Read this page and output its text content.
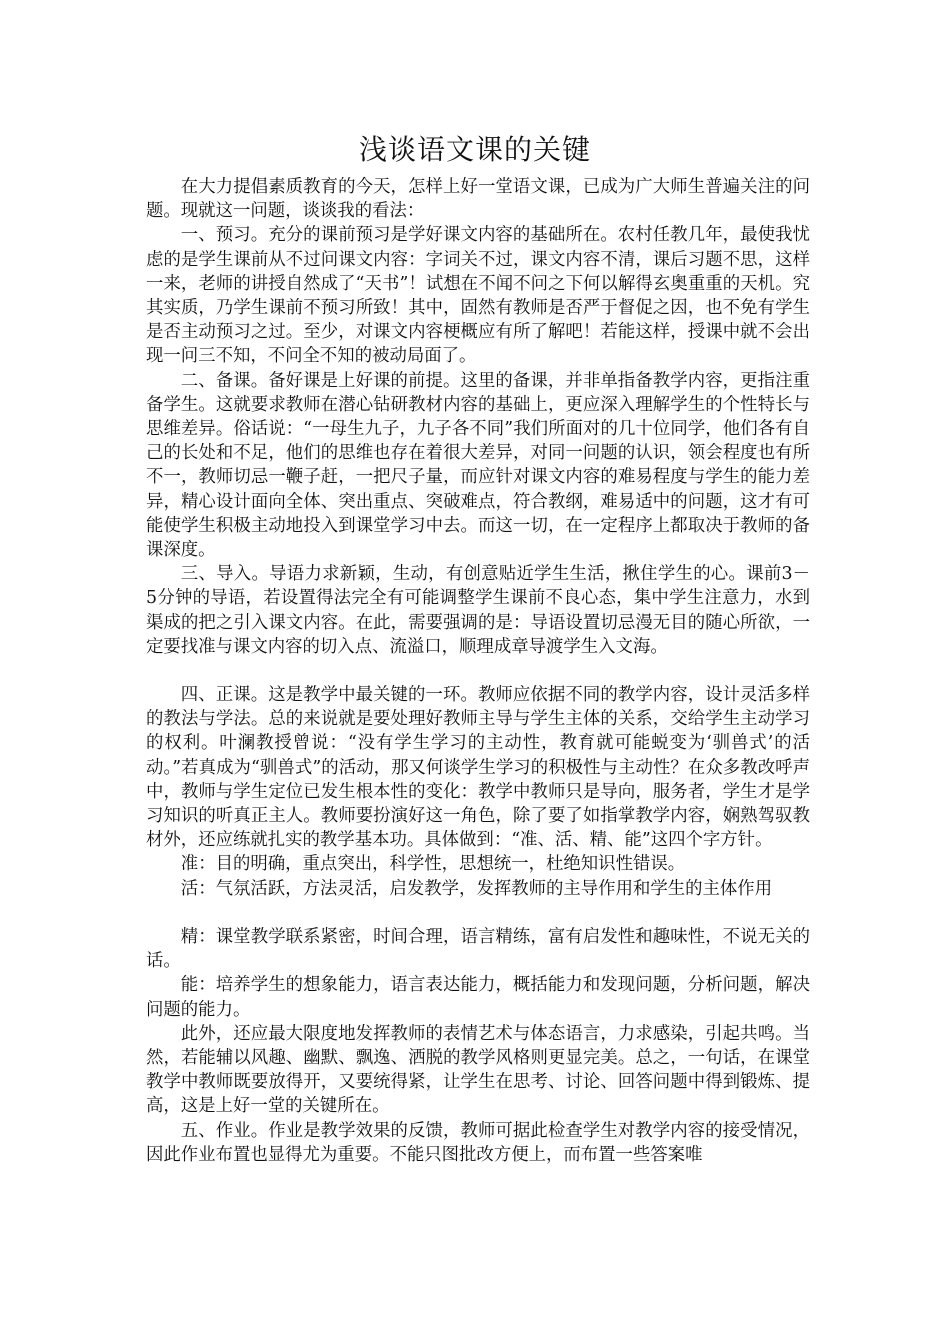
浅谈语文课的关键

在大力提倡素质教育的今天，怎样上好一堂语文课，已成为广大师生普遍关注的问题。现就这一问题，谈谈我的看法：

一、预习。充分的课前预习是学好课文内容的基础所在。农村任教几年，最使我忧虑的是学生课前从不过问课文内容：字词关不过，课文内容不清，课后习题不思，这样一来，老师的讲授自然成了“天书”！试想在不闻不问之下何以解得玄奥重重的天机。究其实质，乃学生课前不预习所致！其中，固然有教师是否严于督促之因，也不免有学生是否主动预习之过。至少，对课文内容梗概应有所了解吧！若能这样，授课中就不会出现一问三不知，不问全不知的被动局面了。

二、备课。备好课是上好课的前提。这里的备课，并非单指备教学内容，更指注重备学生。这就要求教师在潜心钻研教材内容的基础上，更应深入理解学生的个性特长与思维差异。俗话说：“一母生九子，九子各不同”我们所面对的几十位同学，他们各有自己的长处和不足，他们的思维也存在着很大差异，对同一问题的认识，领会程度也有所不一，教师切忌一鞭子赶，一把尺子量，而应针对课文内容的难易程度与学生的能力差异，精心设计面向全体、突出重点、突破难点，符合教纲，难易适中的问题，这才有可能使学生积极主动地投入到课堂学习中去。而这一切，在一定程序上都取决于教师的备课深度。

三、导入。导语力求新颖，生动，有创意贴近学生生活，揪住学生的心。课前3－5分钟的导语，若设置得法完全有可能调整学生课前不良心态，集中学生注意力，水到渠成的把之引入课文内容。在此，需要强调的是：导语设置切忌漫无目的随心所欲，一定要找准与课文内容的切入点、流溢口，顺理成章导渡学生入文海。

四、正课。这是教学中最关键的一环。教师应依据不同的教学内容，设计灵活多样的教法与学法。总的来说就是要处理好教师主导与学生主体的关系，交给学生主动学习的权利。叶澜教授曾说：“没有学生学习的主动性，教育就可能蜕变为‘驯兽式’的活动。”若真成为“驯兽式”的活动，那又何谈学生学习的积极性与主动性？在众多教改呼声中，教师与学生定位已发生根本性的变化：教学中教师只是导向，服务者，学生才是学习知识的听真正主人。教师要扮演好这一角色，除了要了如指掌教学内容，娴熟驾驭教材外，还应练就扎实的教学基本功。具体做到：“准、活、精、能”这四个字方针。

准：目的明确，重点突出，科学性，思想统一，杜绝知识性错误。

活：气氛活跃，方法灵活，启发教学，发挥教师的主导作用和学生的主体作用

精：课堂教学联系紧密，时间合理，语言精练，富有启发性和趣味性，不说无关的话。

能：培养学生的想象能力，语言表达能力，概括能力和发现问题，分析问题，解决问题的能力。

此外，还应最大限度地发挥教师的表情艺术与体态语言，力求感染，引起共鸣。当然，若能辅以风趣、幽默、飘逸、洒脱的教学风格则更显完美。总之，一句话，在课堂教学中教师既要放得开，又要统得紧，让学生在思考、讨论、回答问题中得到锻炼、提高，这是上好一堂的关键所在。

五、作业。作业是教学效果的反馈，教师可据此检查学生对教学内容的接受情况，因此作业布置也显得尤为重要。不能只图批改方便上，而布置一些答案唯
